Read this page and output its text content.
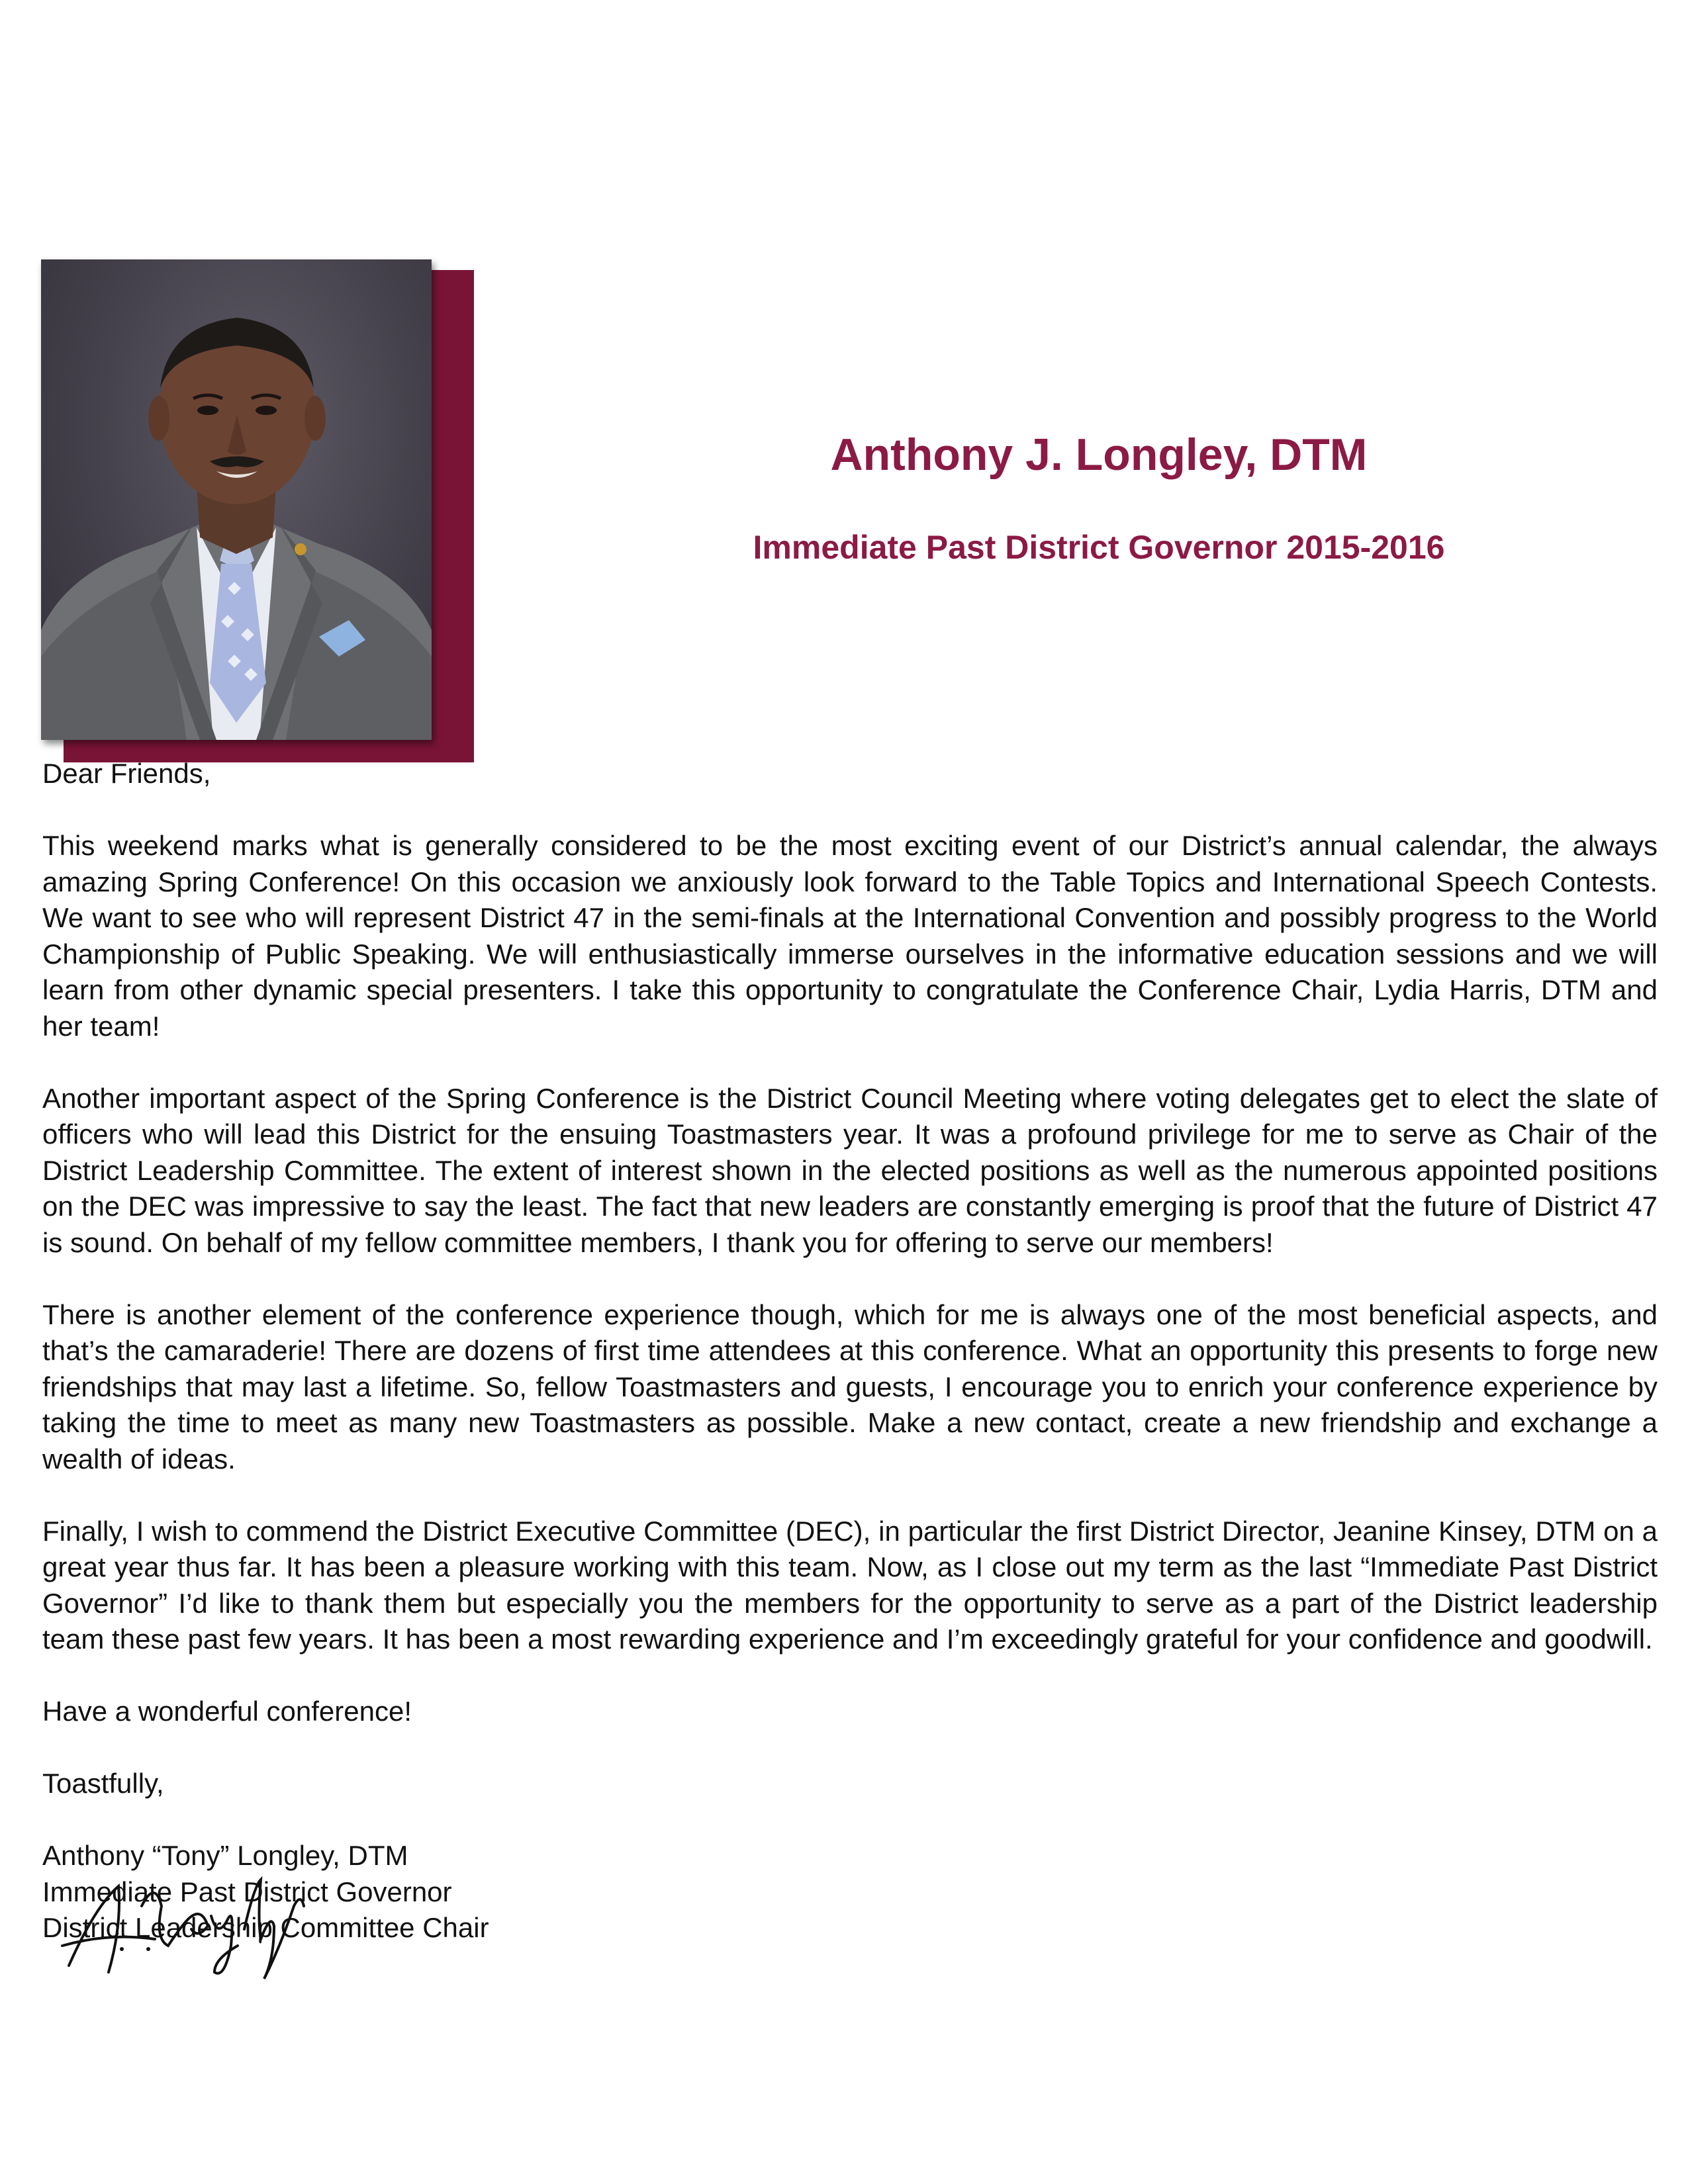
Anthony J. Longley, DTM
Immediate Past District Governor 2015-2016

Dear Friends,

This weekend marks what is generally considered to be the most exciting event of our District’s annual calendar, the always amazing Spring Conference! On this occasion we anxiously look forward to the Table Topics and International Speech Contests. We want to see who will represent District 47 in the semi-finals at the International Convention and possibly progress to the World Championship of Public Speaking. We will enthusiastically immerse ourselves in the informative education sessions and we will learn from other dynamic special presenters. I take this opportunity to congratulate the Conference Chair, Lydia Harris, DTM and her team!

Another important aspect of the Spring Conference is the District Council Meeting where voting delegates get to elect the slate of officers who will lead this District for the ensuing Toastmasters year. It was a profound privilege for me to serve as Chair of the District Leadership Committee. The extent of interest shown in the elected positions as well as the numerous appointed positions on the DEC was impressive to say the least. The fact that new leaders are constantly emerging is proof that the future of District 47 is sound. On behalf of my fellow committee members, I thank you for offering to serve our members!

There is another element of the conference experience though, which for me is always one of the most beneficial aspects, and that’s the camaraderie! There are dozens of first time attendees at this conference. What an opportunity this presents to forge new friendships that may last a lifetime. So, fellow Toastmasters and guests, I encourage you to enrich your conference experience by taking the time to meet as many new Toastmasters as possible. Make a new contact, create a new friendship and exchange a wealth of ideas.

Finally, I wish to commend the District Executive Committee (DEC), in particular the first District Director, Jeanine Kinsey, DTM on a great year thus far. It has been a pleasure working with this team. Now, as I close out my term as the last “Immediate Past District Governor” I’d like to thank them but especially you the members for the opportunity to serve as a part of the District leadership team these past few years. It has been a most rewarding experience and I’m exceedingly grateful for your confidence and goodwill.

Have a wonderful conference!

Toastfully,
Anthony “Tony” Longley, DTM
Immediate Past District Governor
District Leadership Committee Chair
